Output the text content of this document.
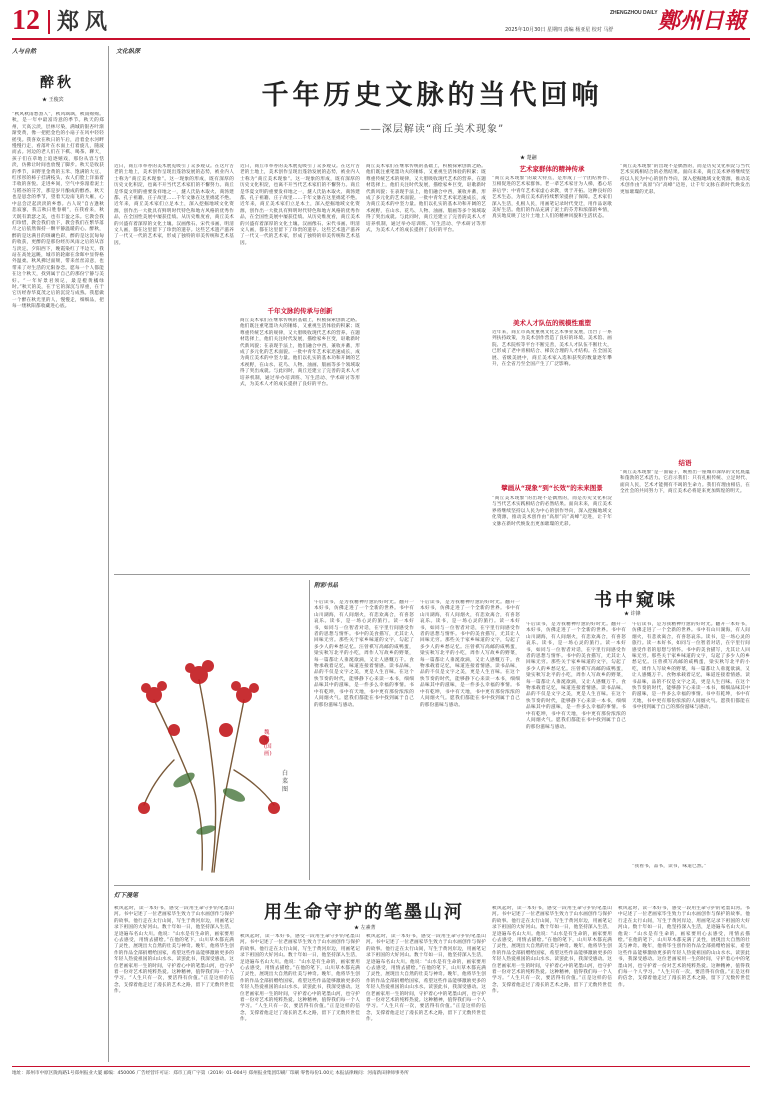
12 郑风	ZHENGZHOU DAILY 鄭州日報
2025年10月30日 星期四 责编 杨亚星 校对 马舒
人与自然
醉秋
★ 王俊宾
“秋风秋雨愁煞人”，秋风飒飒，秋雨绵绵。秋，是一年中最富诗意的季节。秋天的郑州，天高云淡，层林尽染，满城的银杏叶渐渐变黄，像一把把金色的小扇子在风中轻轻摇曳。我喜欢在秋日的午后，沿着金水河畔慢慢行走，看落叶在水面上打着旋儿，随波而去。河边的老人们在下棋、喝茶、聊天，孩子们在草地上追逐嬉戏，那份从容与恬淡，仿佛让时间也放慢了脚步。秋天是收获的季节，田野里金黄的玉米、饱满的大豆、红彤彤的柿子挂满枝头，农人们脸上洋溢着丰收的喜悦。走进乡间，空气中弥漫着泥土与稻谷的芬芳，那是岁月酿成的醇香。秋天也是思念的季节，望着天边南飞的大雁，心中总会泛起淡淡的乡愁。古人说“自古逢秋悲寂寥，我言秋日胜春朝”，在我看来，秋天既有萧瑟之美，也有丰盈之乐。它教会我们珍惜，教会我们放下，教会我们在繁华落尽之后依然保持一颗平静温暖的心。醉秋，醉的是这满目的斑斓色彩，醉的是这沉甸甸的收获，更醉的是那份经历风雨之后的从容与淡定。夕阳西下，晚霞染红了半边天，我站在高处远眺，城市的轮廓在余晖中显得格外温柔。秋风拂过面颊，带来丝丝凉意，也带来了对生活的无限眷恋。愿每一个人都能在这个秋天，找到属于自己的那份宁静与美好。“一年好景君须记，最是橙黄橘绿时。”秋天的美，在于它的深沉与厚重，在于它历经春华夏茂之后的沉淀与成熟。我愿做一个醉在秋光里的人，慢慢走，细细品，把每一缕秋阳都收藏进心底。
文化纵深
千年历史文脉的当代回响
——深层解读“商丘美术现象”
★ 楚翮
近日，商丘市举办的美术展览吸引了众多观众。在这片古老的土地上，美术创作呈现出蓬勃发展的态势，被业内人士称为“商丘美术现象”。这一现象的形成，既有深厚的历史文化积淀，也离不开当代艺术家们的不懈努力。商丘是华夏文明的重要发祥地之一，燧人氏钻木取火、商汤建都、孔子祖籍、庄子故里……千年文脉在这里绵延不绝。近年来，商丘美术家们立足本土，深入挖掘地域文化资源，创作出一大批具有鲜明时代特色和地方风格的优秀作品，在全国性美展中屡获佳绩。从历史维度看，商丘美术的兴盛有着深厚的文化土壤。汉画像石、宋代书画、明清文人画，都在这里留下了珍贵的遗存。这些艺术遗产滋养了一代又一代的艺术家，形成了独特的审美传统和艺术基因。
近日，商丘市举办的美术展览吸引了众多观众。在这片古老的土地上，美术创作呈现出蓬勃发展的态势，被业内人士称为“商丘美术现象”。这一现象的形成，既有深厚的历史文化积淀，也离不开当代艺术家们的不懈努力。商丘是华夏文明的重要发祥地之一，燧人氏钻木取火、商汤建都、孔子祖籍、庄子故里……千年文脉在这里绵延不绝。近年来，商丘美术家们立足本土，深入挖掘地域文化资源，创作出一大批具有鲜明时代特色和地方风格的优秀作品，在全国性美展中屡获佳绩。从历史维度看，商丘美术的兴盛有着深厚的文化土壤。汉画像石、宋代书画、明清文人画，都在这里留下了珍贵的遗存。这些艺术遗产滋养了一代又一代的艺术家，形成了独特的审美传统和艺术基因。
千年文脉的传承与创新
商丘美术家们在继承传统的基础上，积极探索创新之路。他们既注重笔墨功夫的锤炼，又重视生活体验的积累；既尊重传统艺术的规律，又大胆吸收现代艺术的营养。在题材选择上，他们关注时代发展，描绘家乡巨变，讴歌新时代新风貌；在表现手法上，他们融合中西，兼收并蓄，形成了多元化的艺术面貌。一批中青年艺术家迅速成长，成为商丘美术的中坚力量。他们以扎实的基本功和开阔的艺术视野，在山水、花鸟、人物、油画、版画等多个领域取得了突出成就。与此同时，商丘还建立了完善的美术人才培养机制，通过举办培训班、写生活动、学术研讨等形式，为美术人才的成长提供了良好的平台。
商丘美术家们在继承传统的基础上，积极探索创新之路。他们既注重笔墨功夫的锤炼，又重视生活体验的积累；既尊重传统艺术的规律，又大胆吸收现代艺术的营养。在题材选择上，他们关注时代发展，描绘家乡巨变，讴歌新时代新风貌；在表现手法上，他们融合中西，兼收并蓄，形成了多元化的艺术面貌。一批中青年艺术家迅速成长，成为商丘美术的中坚力量。他们以扎实的基本功和开阔的艺术视野，在山水、花鸟、人物、油画、版画等多个领域取得了突出成就。与此同时，商丘还建立了完善的美术人才培养机制，通过举办培训班、写生活动、学术研讨等形式，为美术人才的成长提供了良好的平台。
艺术家群体的精神传承
“商丘美术现象”的最大特点，是形成了一个团结协作、互相促进的艺术家群体。老一辈艺术家甘为人梯，悉心培养后学；中青年艺术家虚心求教，勇于开拓。这种良好的艺术生态，为商丘美术的持续繁荣提供了保障。艺术家们深入生活，扎根人民，用画笔记录时代变迁，用作品讴歌美好生活。他们的作品充满了泥土的芬芳和浓郁的乡情，真实地反映了这片土地上人们的精神风貌和生活状态。
美术人才队伍的规模性重塑
近年来，商丘市高度重视文化艺术事业发展，出台了一系列扶持政策，为美术创作营造了良好的环境。美术馆、画院、艺术院校等平台不断完善，美术人才队伍不断壮大，已形成了老中青相结合、梯次合理的人才结构。在全国美展、省级美展中，商丘美术家入选和获奖的数量逐年攀升，在全省乃至全国产生了广泛影响。
擘画从“现象”到“长效”的未来图景
“商丘美术现象”的出现不是偶然的，而是历史文化积淀与当代艺术实践相结合的必然结果。面向未来，商丘美术界将继续坚持以人民为中心的创作导向，深入挖掘地域文化资源，推动美术创作由“高原”向“高峰”迈进，让千年文脉在新时代焕发出更加璀璨的光彩。
“商丘美术现象”的出现不是偶然的，而是历史文化积淀与当代艺术实践相结合的必然结果。面向未来，商丘美术界将继续坚持以人民为中心的创作导向，深入挖掘地域文化资源，推动美术创作由“高原”向“高峰”迈进，让千年文脉在新时代焕发出更加璀璨的光彩。
结语
“商丘美术现象”是一面镜子，映照出一座城市深厚的文化底蕴和蓬勃的艺术活力。它启示我们：只有扎根传统、立足时代、面向人民，艺术才能拥有不竭的生命力。我们有理由相信，在全社会的共同努力下，商丘美术必将迎来更加辉煌的明天。
魏鹏
(国画)
白菜图
附彩书品
书中窥味
★ 许锋
午后读书，是为我精神疗愈的好时光。翻开一本好书，仿佛走进了一个全新的世界。书中有山川湖海，有人间烟火，有悲欢离合，有喜怒哀乐。读书，是一场心灵的旅行。读一本好书，如同与一位智者对话，在字里行间感受作者的思想与情怀。书中的美食描写，尤其让人回味无穷。那些关于家乡味道的文字，勾起了多少人的乡愁记忆。汪曾祺写高邮的咸鸭蛋，梁实秋写北平的小吃，周作人写故乡的野菜，每一篇都让人垂涎欲滴，又让人感慨万千。食物承载着记忆，味道连接着情感。读书品味，品的不仅是文字之美，更是人生百味。在这个快节奏的时代，能够静下心来读一本书，细细品味其中的滋味，是一件多么幸福的事情。书中有乾坤，书中有天地，书中更有那份浓浓的人间烟火气。愿我们都能在书中找到属于自己的那份滋味与感动。
午后读书，是为我精神疗愈的好时光。翻开一本好书，仿佛走进了一个全新的世界。书中有山川湖海，有人间烟火，有悲欢离合，有喜怒哀乐。读书，是一场心灵的旅行。读一本好书，如同与一位智者对话，在字里行间感受作者的思想与情怀。书中的美食描写，尤其让人回味无穷。那些关于家乡味道的文字，勾起了多少人的乡愁记忆。汪曾祺写高邮的咸鸭蛋，梁实秋写北平的小吃，周作人写故乡的野菜，每一篇都让人垂涎欲滴，又让人感慨万千。食物承载着记忆，味道连接着情感。读书品味，品的不仅是文字之美，更是人生百味。在这个快节奏的时代，能够静下心来读一本书，细细品味其中的滋味，是一件多么幸福的事情。书中有乾坤，书中有天地，书中更有那份浓浓的人间烟火气。愿我们都能在书中找到属于自己的那份滋味与感动。
午后读书，是为我精神疗愈的好时光。翻开一本好书，仿佛走进了一个全新的世界。书中有山川湖海，有人间烟火，有悲欢离合，有喜怒哀乐。读书，是一场心灵的旅行。读一本好书，如同与一位智者对话，在字里行间感受作者的思想与情怀。书中的美食描写，尤其让人回味无穷。那些关于家乡味道的文字，勾起了多少人的乡愁记忆。汪曾祺写高邮的咸鸭蛋，梁实秋写北平的小吃，周作人写故乡的野菜，每一篇都让人垂涎欲滴，又让人感慨万千。食物承载着记忆，味道连接着情感。读书品味，品的不仅是文字之美，更是人生百味。在这个快节奏的时代，能够静下心来读一本书，细细品味其中的滋味，是一件多么幸福的事情。书中有乾坤，书中有天地，书中更有那份浓浓的人间烟火气。愿我们都能在书中找到属于自己的那份滋味与感动。
午后读书，是为我精神疗愈的好时光。翻开一本好书，仿佛走进了一个全新的世界。书中有山川湖海，有人间烟火，有悲欢离合，有喜怒哀乐。读书，是一场心灵的旅行。读一本好书，如同与一位智者对话，在字里行间感受作者的思想与情怀。书中的美食描写，尤其让人回味无穷。那些关于家乡味道的文字，勾起了多少人的乡愁记忆。汪曾祺写高邮的咸鸭蛋，梁实秋写北平的小吃，周作人写故乡的野菜，每一篇都让人垂涎欲滴，又让人感慨万千。食物承载着记忆，味道连接着情感。读书品味，品的不仅是文字之美，更是人生百味。在这个快节奏的时代，能够静下心来读一本书，细细品味其中的滋味，是一件多么幸福的事情。书中有乾坤，书中有天地，书中更有那份浓浓的人间烟火气。愿我们都能在书中找到属于自己的那份滋味与感动。
“我看书，品书，读书，味道已然。”
灯下漫笔
用生命守护的笔墨山河
★ 左素菁
秋风起时，读一本好书，感受一段用生命守护的笔墨山河。书中记述了一位老画家毕生致力于山水画创作与保护的故事。他行走在太行山间，写生于黄河岸边，用画笔记录下祖国的大好河山。数十年如一日，他坚持深入生活，足迹遍布名山大川。他说：“山水是有生命的，画家要用心去感受，用情去描绘。”在他的笔下，山川草木都充满了灵性，展现出大自然的壮美与神奇。晚年，他将毕生创作的作品全部捐赠给国家，希望这些作品能够激励更多的年轻人热爱祖国的山山水水。读罢此书，我深受感动。这位老画家用一生的时间，守护着心中的笔墨山河，也守护着一份对艺术的纯粹热爱。这种精神，值得我们每一个人学习。“人生只有一次，要活得有价值。”正是这样的信念，支撑着他走过了漫长的艺术之路，留下了无数传世佳作。
秋风起时，读一本好书，感受一段用生命守护的笔墨山河。书中记述了一位老画家毕生致力于山水画创作与保护的故事。他行走在太行山间，写生于黄河岸边，用画笔记录下祖国的大好河山。数十年如一日，他坚持深入生活，足迹遍布名山大川。他说：“山水是有生命的，画家要用心去感受，用情去描绘。”在他的笔下，山川草木都充满了灵性，展现出大自然的壮美与神奇。晚年，他将毕生创作的作品全部捐赠给国家，希望这些作品能够激励更多的年轻人热爱祖国的山山水水。读罢此书，我深受感动。这位老画家用一生的时间，守护着心中的笔墨山河，也守护着一份对艺术的纯粹热爱。这种精神，值得我们每一个人学习。“人生只有一次，要活得有价值。”正是这样的信念，支撑着他走过了漫长的艺术之路，留下了无数传世佳作。
秋风起时，读一本好书，感受一段用生命守护的笔墨山河。书中记述了一位老画家毕生致力于山水画创作与保护的故事。他行走在太行山间，写生于黄河岸边，用画笔记录下祖国的大好河山。数十年如一日，他坚持深入生活，足迹遍布名山大川。他说：“山水是有生命的，画家要用心去感受，用情去描绘。”在他的笔下，山川草木都充满了灵性，展现出大自然的壮美与神奇。晚年，他将毕生创作的作品全部捐赠给国家，希望这些作品能够激励更多的年轻人热爱祖国的山山水水。读罢此书，我深受感动。这位老画家用一生的时间，守护着心中的笔墨山河，也守护着一份对艺术的纯粹热爱。这种精神，值得我们每一个人学习。“人生只有一次，要活得有价值。”正是这样的信念，支撑着他走过了漫长的艺术之路，留下了无数传世佳作。
秋风起时，读一本好书，感受一段用生命守护的笔墨山河。书中记述了一位老画家毕生致力于山水画创作与保护的故事。他行走在太行山间，写生于黄河岸边，用画笔记录下祖国的大好河山。数十年如一日，他坚持深入生活，足迹遍布名山大川。他说：“山水是有生命的，画家要用心去感受，用情去描绘。”在他的笔下，山川草木都充满了灵性，展现出大自然的壮美与神奇。晚年，他将毕生创作的作品全部捐赠给国家，希望这些作品能够激励更多的年轻人热爱祖国的山山水水。读罢此书，我深受感动。这位老画家用一生的时间，守护着心中的笔墨山河，也守护着一份对艺术的纯粹热爱。这种精神，值得我们每一个人学习。“人生只有一次，要活得有价值。”正是这样的信念，支撑着他走过了漫长的艺术之路，留下了无数传世佳作。
秋风起时，读一本好书，感受一段用生命守护的笔墨山河。书中记述了一位老画家毕生致力于山水画创作与保护的故事。他行走在太行山间，写生于黄河岸边，用画笔记录下祖国的大好河山。数十年如一日，他坚持深入生活，足迹遍布名山大川。他说：“山水是有生命的，画家要用心去感受，用情去描绘。”在他的笔下，山川草木都充满了灵性，展现出大自然的壮美与神奇。晚年，他将毕生创作的作品全部捐赠给国家，希望这些作品能够激励更多的年轻人热爱祖国的山山水水。读罢此书，我深受感动。这位老画家用一生的时间，守护着心中的笔墨山河，也守护着一份对艺术的纯粹热爱。这种精神，值得我们每一个人学习。“人生只有一次，要活得有价值。”正是这样的信念，支撑着他走过了漫长的艺术之路，留下了无数传世佳作。
地址：郑州市中原区陇海路1号郑州报业大厦 邮编：450006 广告经营许可证：郑市工商广字第（2019）01-004号 郑州报业集团印刷厂印刷 零售每份1.00元 本报法律顾问：河南新田律师事务所
